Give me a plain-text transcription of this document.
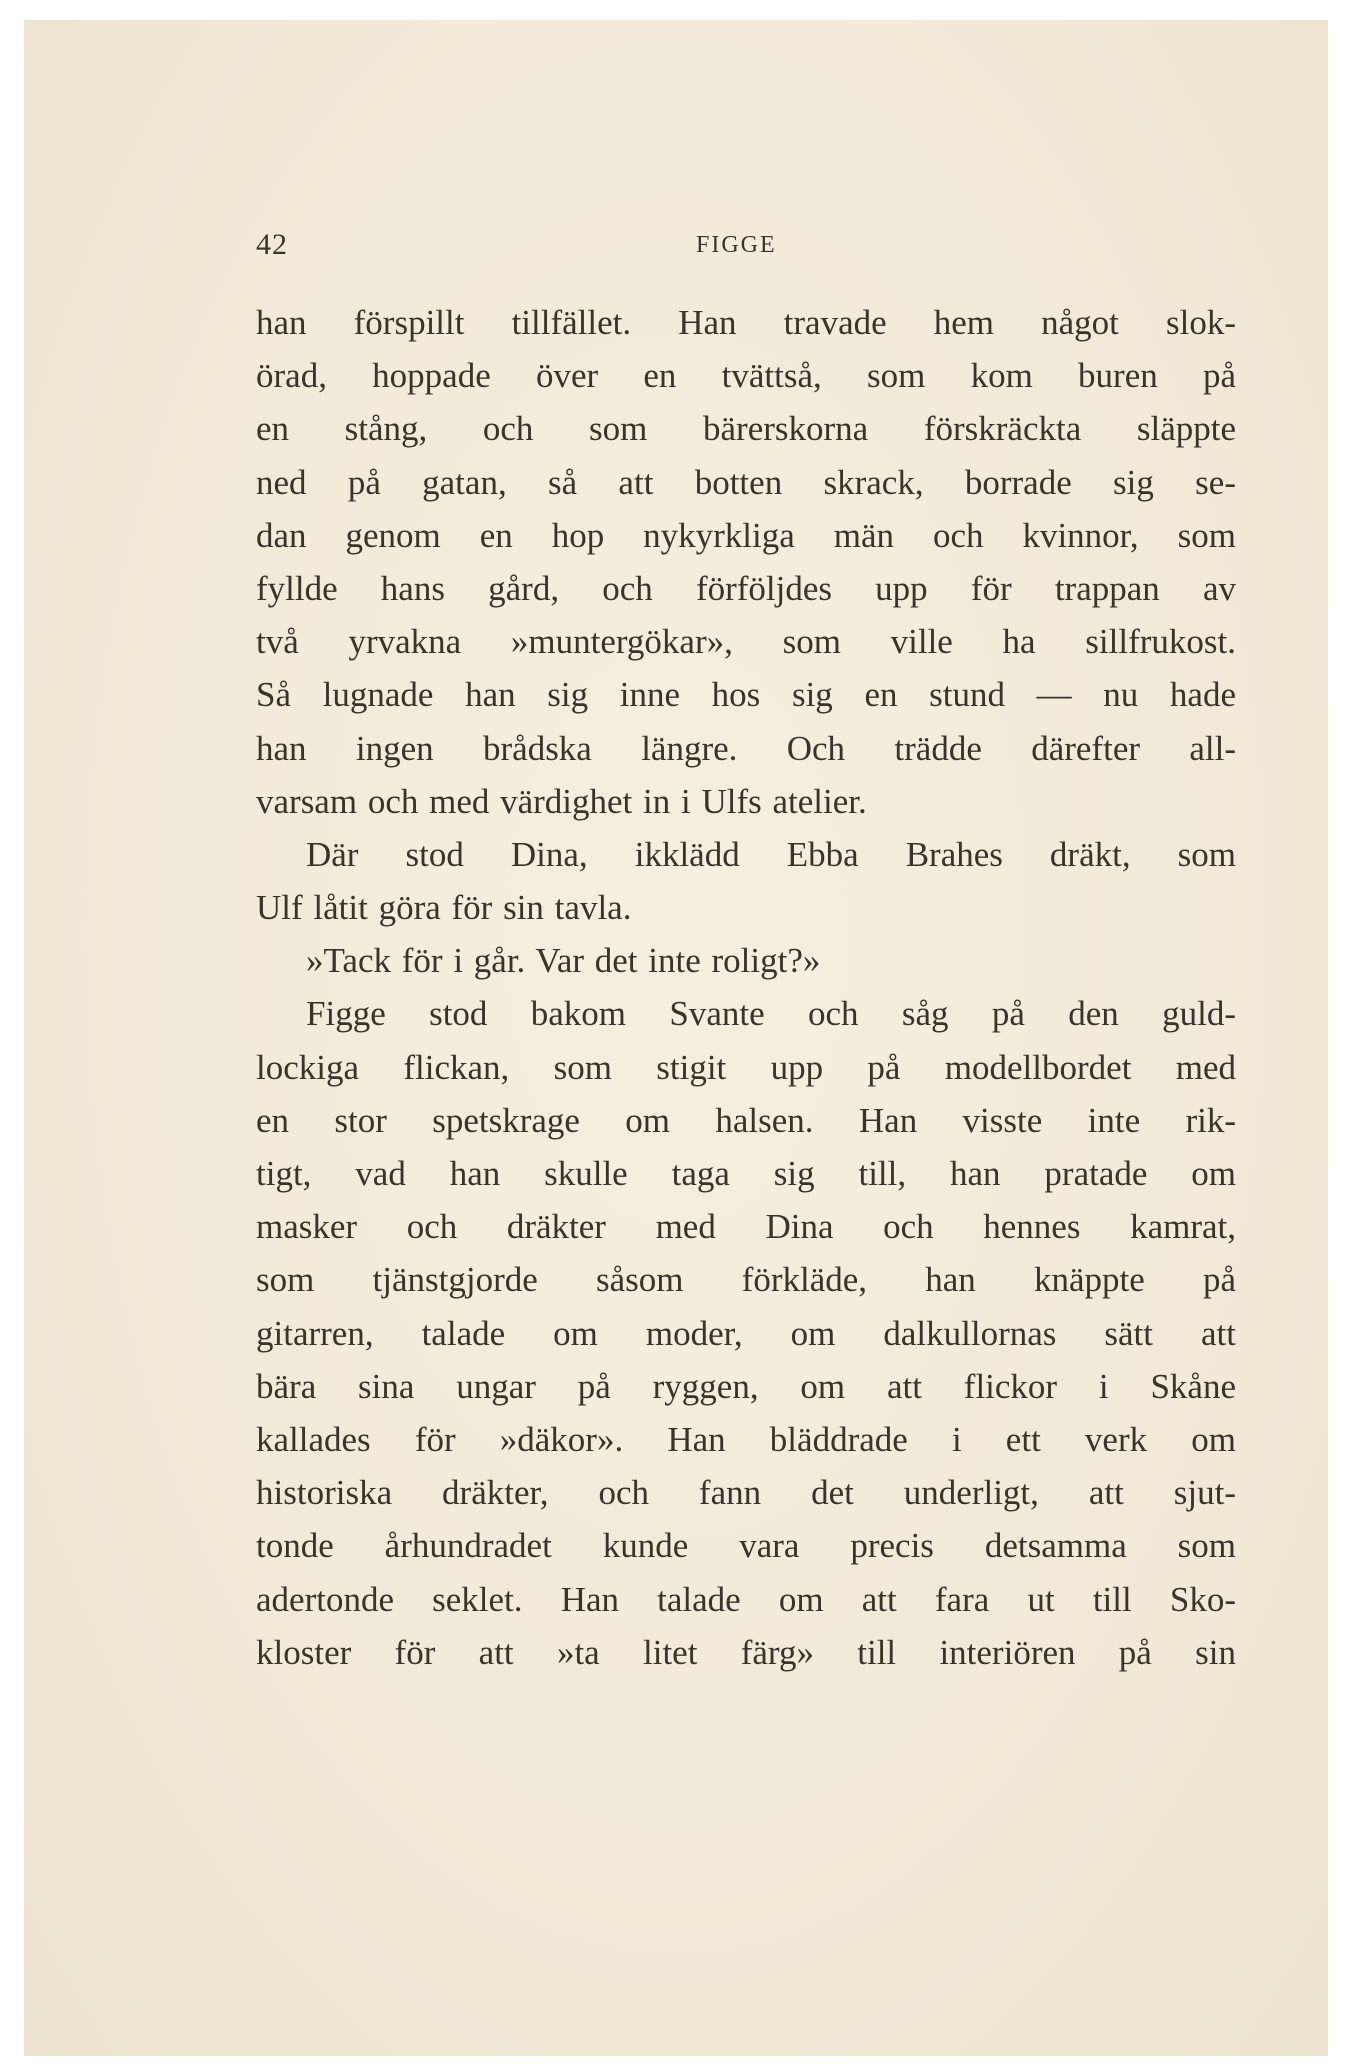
42	FIGGE
han förspillt tillfället. Han travade hem något slok-
örad, hoppade över en tvättså, som kom buren på
en stång, och som bärerskorna förskräckta släppte
ned på gatan, så att botten skrack, borrade sig se-
dan genom en hop nykyrkliga män och kvinnor, som
fyllde hans gård, och förföljdes upp för trappan av
två yrvakna »muntergökar», som ville ha sillfrukost.
Så lugnade han sig inne hos sig en stund — nu hade
han ingen brådska längre. Och trädde därefter all-
varsam och med värdighet in i Ulfs atelier.
Där stod Dina, ikklädd Ebba Brahes dräkt, som
Ulf låtit göra för sin tavla.
»Tack för i går. Var det inte roligt?»
Figge stod bakom Svante och såg på den guld-
lockiga flickan, som stigit upp på modellbordet med
en stor spetskrage om halsen. Han visste inte rik-
tigt, vad han skulle taga sig till, han pratade om
masker och dräkter med Dina och hennes kamrat,
som tjänstgjorde såsom förkläde, han knäppte på
gitarren, talade om moder, om dalkullornas sätt att
bära sina ungar på ryggen, om att flickor i Skåne
kallades för »däkor». Han bläddrade i ett verk om
historiska dräkter, och fann det underligt, att sjut-
tonde århundradet kunde vara precis detsamma som
adertonde seklet. Han talade om att fara ut till Sko-
kloster för att »ta litet färg» till interiören på sin
